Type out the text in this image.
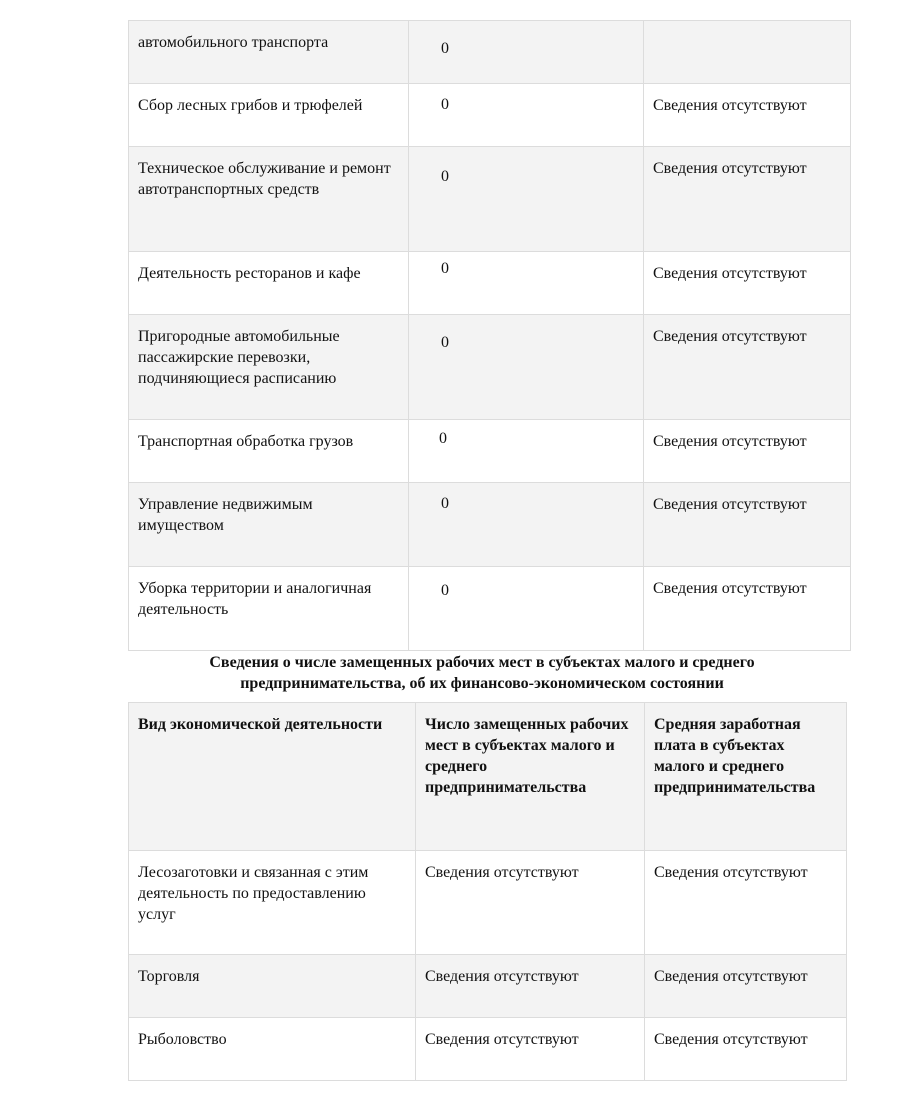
автомобильного транспорта	0	

Сбор лесных грибов и трюфелей	0	Сведения отсутствуют

Техническое обслуживание и ремонт автотранспортных средств	0	Сведения отсутствуют

Деятельность ресторанов и кафе	0	Сведения отсутствуют

Пригородные автомобильные пассажирские перевозки, подчиняющиеся расписанию	0	Сведения отсутствуют

Транспортная обработка грузов	0	Сведения отсутствуют

Управление недвижимым имуществом	0	Сведения отсутствуют

Уборка территории и аналогичная деятельность	0	Сведения отсутствуют

Сведения о числе замещенных рабочих мест в субъектах малого и среднего предпринимательства, об их финансово-экономическом состоянии

Вид экономической деятельности	Число замещенных рабочих мест в субъектах малого и среднего предпринимательства	Средняя заработная плата в субъектах малого и среднего предпринимательства

Лесозаготовки и связанная с этим деятельность по предоставлению услуг	Сведения отсутствуют	Сведения отсутствуют

Торговля	Сведения отсутствуют	Сведения отсутствуют

Рыболовство	Сведения отсутствуют	Сведения отсутствуют
